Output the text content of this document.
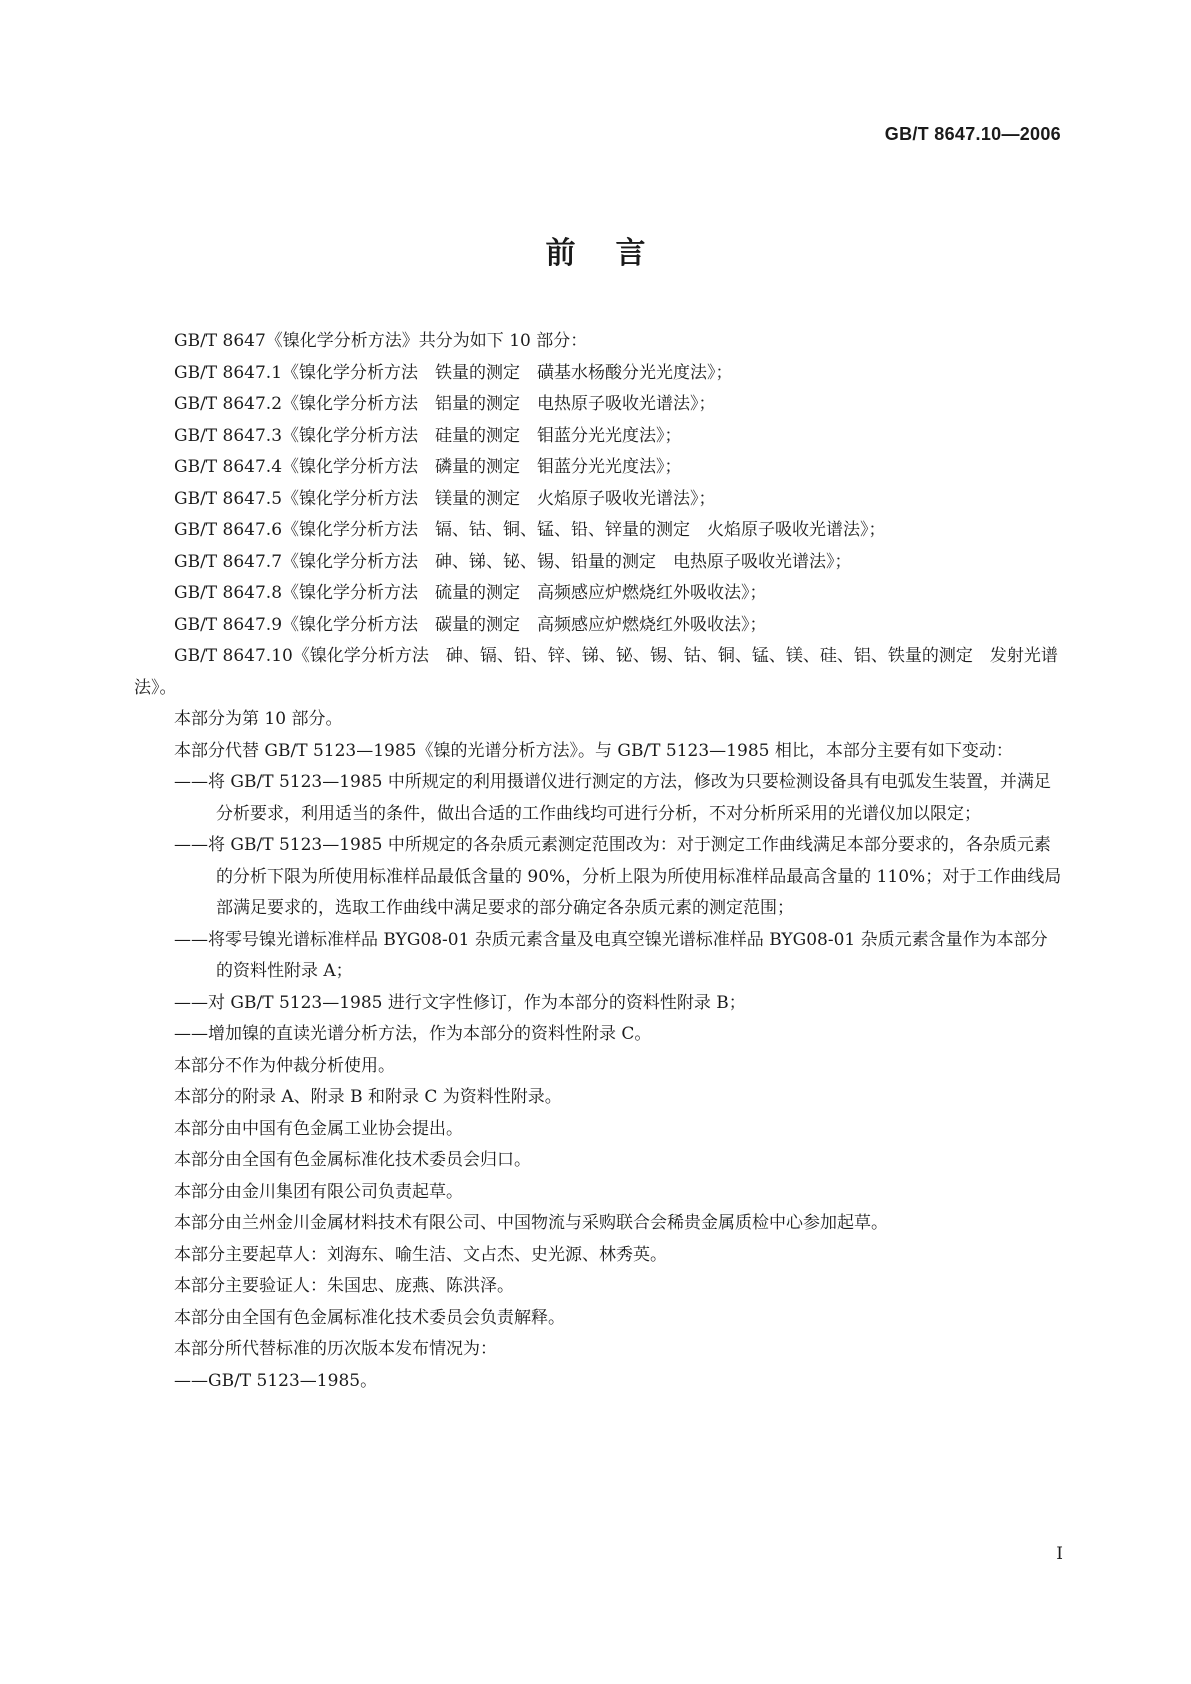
GB/T 8647.10—2006
前言

GB/T 8647《镍化学分析方法》共分为如下 10 部分：

GB/T 8647.1《镍化学分析方法　铁量的测定　磺基水杨酸分光光度法》；

GB/T 8647.2《镍化学分析方法　铝量的测定　电热原子吸收光谱法》；

GB/T 8647.3《镍化学分析方法　硅量的测定　钼蓝分光光度法》；

GB/T 8647.4《镍化学分析方法　磷量的测定　钼蓝分光光度法》；

GB/T 8647.5《镍化学分析方法　镁量的测定　火焰原子吸收光谱法》；

GB/T 8647.6《镍化学分析方法　镉、钴、铜、锰、铅、锌量的测定　火焰原子吸收光谱法》；

GB/T 8647.7《镍化学分析方法　砷、锑、铋、锡、铅量的测定　电热原子吸收光谱法》；

GB/T 8647.8《镍化学分析方法　硫量的测定　高频感应炉燃烧红外吸收法》；

GB/T 8647.9《镍化学分析方法　碳量的测定　高频感应炉燃烧红外吸收法》；

GB/T 8647.10《镍化学分析方法　砷、镉、铅、锌、锑、铋、锡、钴、铜、锰、镁、硅、铝、铁量的测定　发射光谱法》。

本部分为第 10 部分。

本部分代替 GB/T 5123—1985《镍的光谱分析方法》。与 GB/T 5123—1985 相比，本部分主要有如下变动：

——将 GB/T 5123—1985 中所规定的利用摄谱仪进行测定的方法，修改为只要检测设备具有电弧发生装置，并满足分析要求，利用适当的条件，做出合适的工作曲线均可进行分析，不对分析所采用的光谱仪加以限定；

——将 GB/T 5123—1985 中所规定的各杂质元素测定范围改为：对于测定工作曲线满足本部分要求的，各杂质元素的分析下限为所使用标准样品最低含量的 90%，分析上限为所使用标准样品最高含量的 110%；对于工作曲线局部满足要求的，选取工作曲线中满足要求的部分确定各杂质元素的测定范围；

——将零号镍光谱标准样品 BYG08-01 杂质元素含量及电真空镍光谱标准样品 BYG08-01 杂质元素含量作为本部分的资料性附录 A；

——对 GB/T 5123—1985 进行文字性修订，作为本部分的资料性附录 B；

——增加镍的直读光谱分析方法，作为本部分的资料性附录 C。

本部分不作为仲裁分析使用。

本部分的附录 A、附录 B 和附录 C 为资料性附录。

本部分由中国有色金属工业协会提出。

本部分由全国有色金属标准化技术委员会归口。

本部分由金川集团有限公司负责起草。

本部分由兰州金川金属材料技术有限公司、中国物流与采购联合会稀贵金属质检中心参加起草。

本部分主要起草人：刘海东、喻生洁、文占杰、史光源、林秀英。

本部分主要验证人：朱国忠、庞燕、陈洪泽。

本部分由全国有色金属标准化技术委员会负责解释。

本部分所代替标准的历次版本发布情况为：

——GB/T 5123—1985。

I
